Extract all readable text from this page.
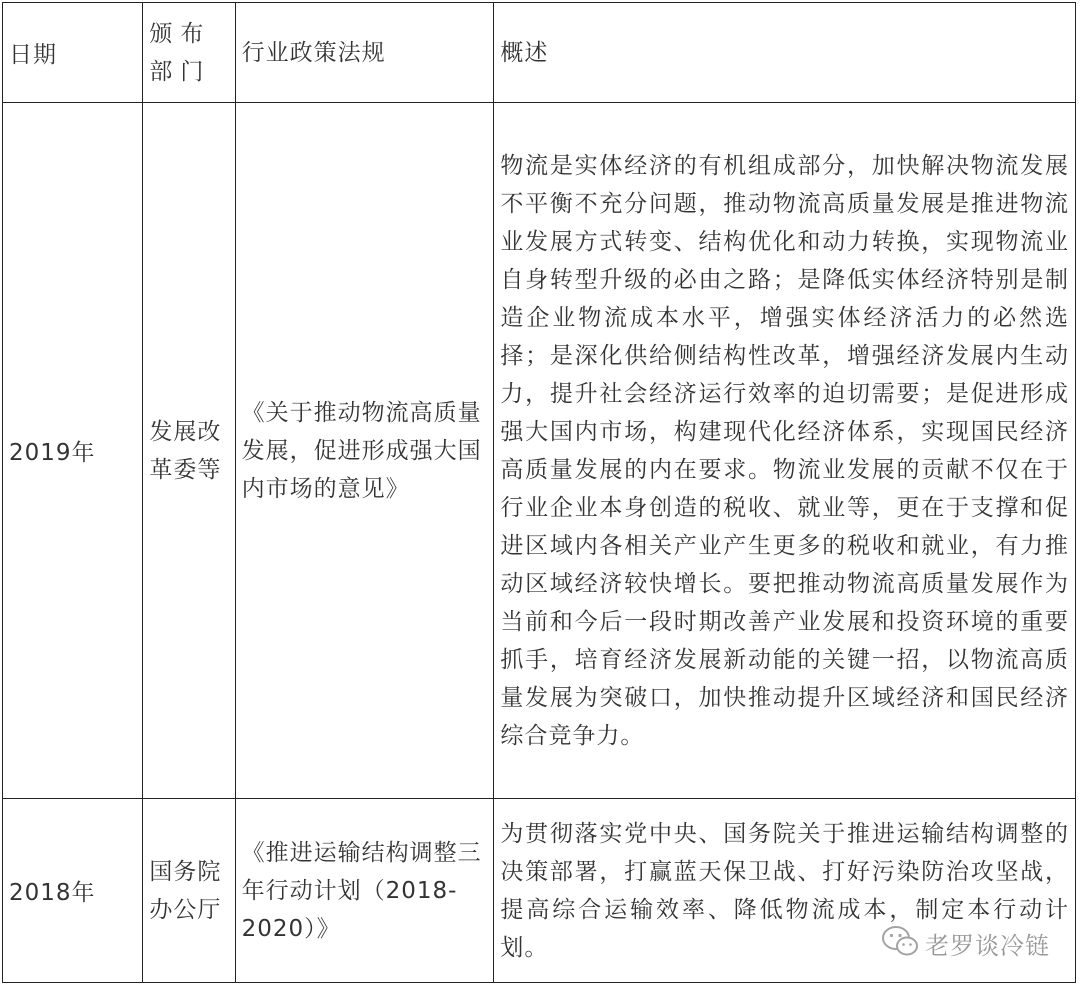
日期	颁布部门	行业政策法规	概述
2019年	发展改革委等	《关于推动物流高质量发展，促进形成强大国内市场的意见》	物流是实体经济的有机组成部分，加快解决物流发展不平衡不充分问题，推动物流高质量发展是推进物流业发展方式转变、结构优化和动力转换，实现物流业自身转型升级的必由之路；是降低实体经济特别是制造企业物流成本水平，增强实体经济活力的必然选择；是深化供给侧结构性改革，增强经济发展内生动力，提升社会经济运行效率的迫切需要；是促进形成强大国内市场，构建现代化经济体系，实现国民经济高质量发展的内在要求。物流业发展的贡献不仅在于行业企业本身创造的税收、就业等，更在于支撑和促进区域内各相关产业产生更多的税收和就业，有力推动区域经济较快增长。要把推动物流高质量发展作为当前和今后一段时期改善产业发展和投资环境的重要抓手，培育经济发展新动能的关键一招，以物流高质量发展为突破口，加快推动提升区域经济和国民经济综合竞争力。
2018年	国务院办公厅	《推进运输结构调整三年行动计划（2018-2020）》	为贯彻落实党中央、国务院关于推进运输结构调整的决策部署，打赢蓝天保卫战、打好污染防治攻坚战，提高综合运输效率、降低物流成本，制定本行动计划。	老罗谈冷链
